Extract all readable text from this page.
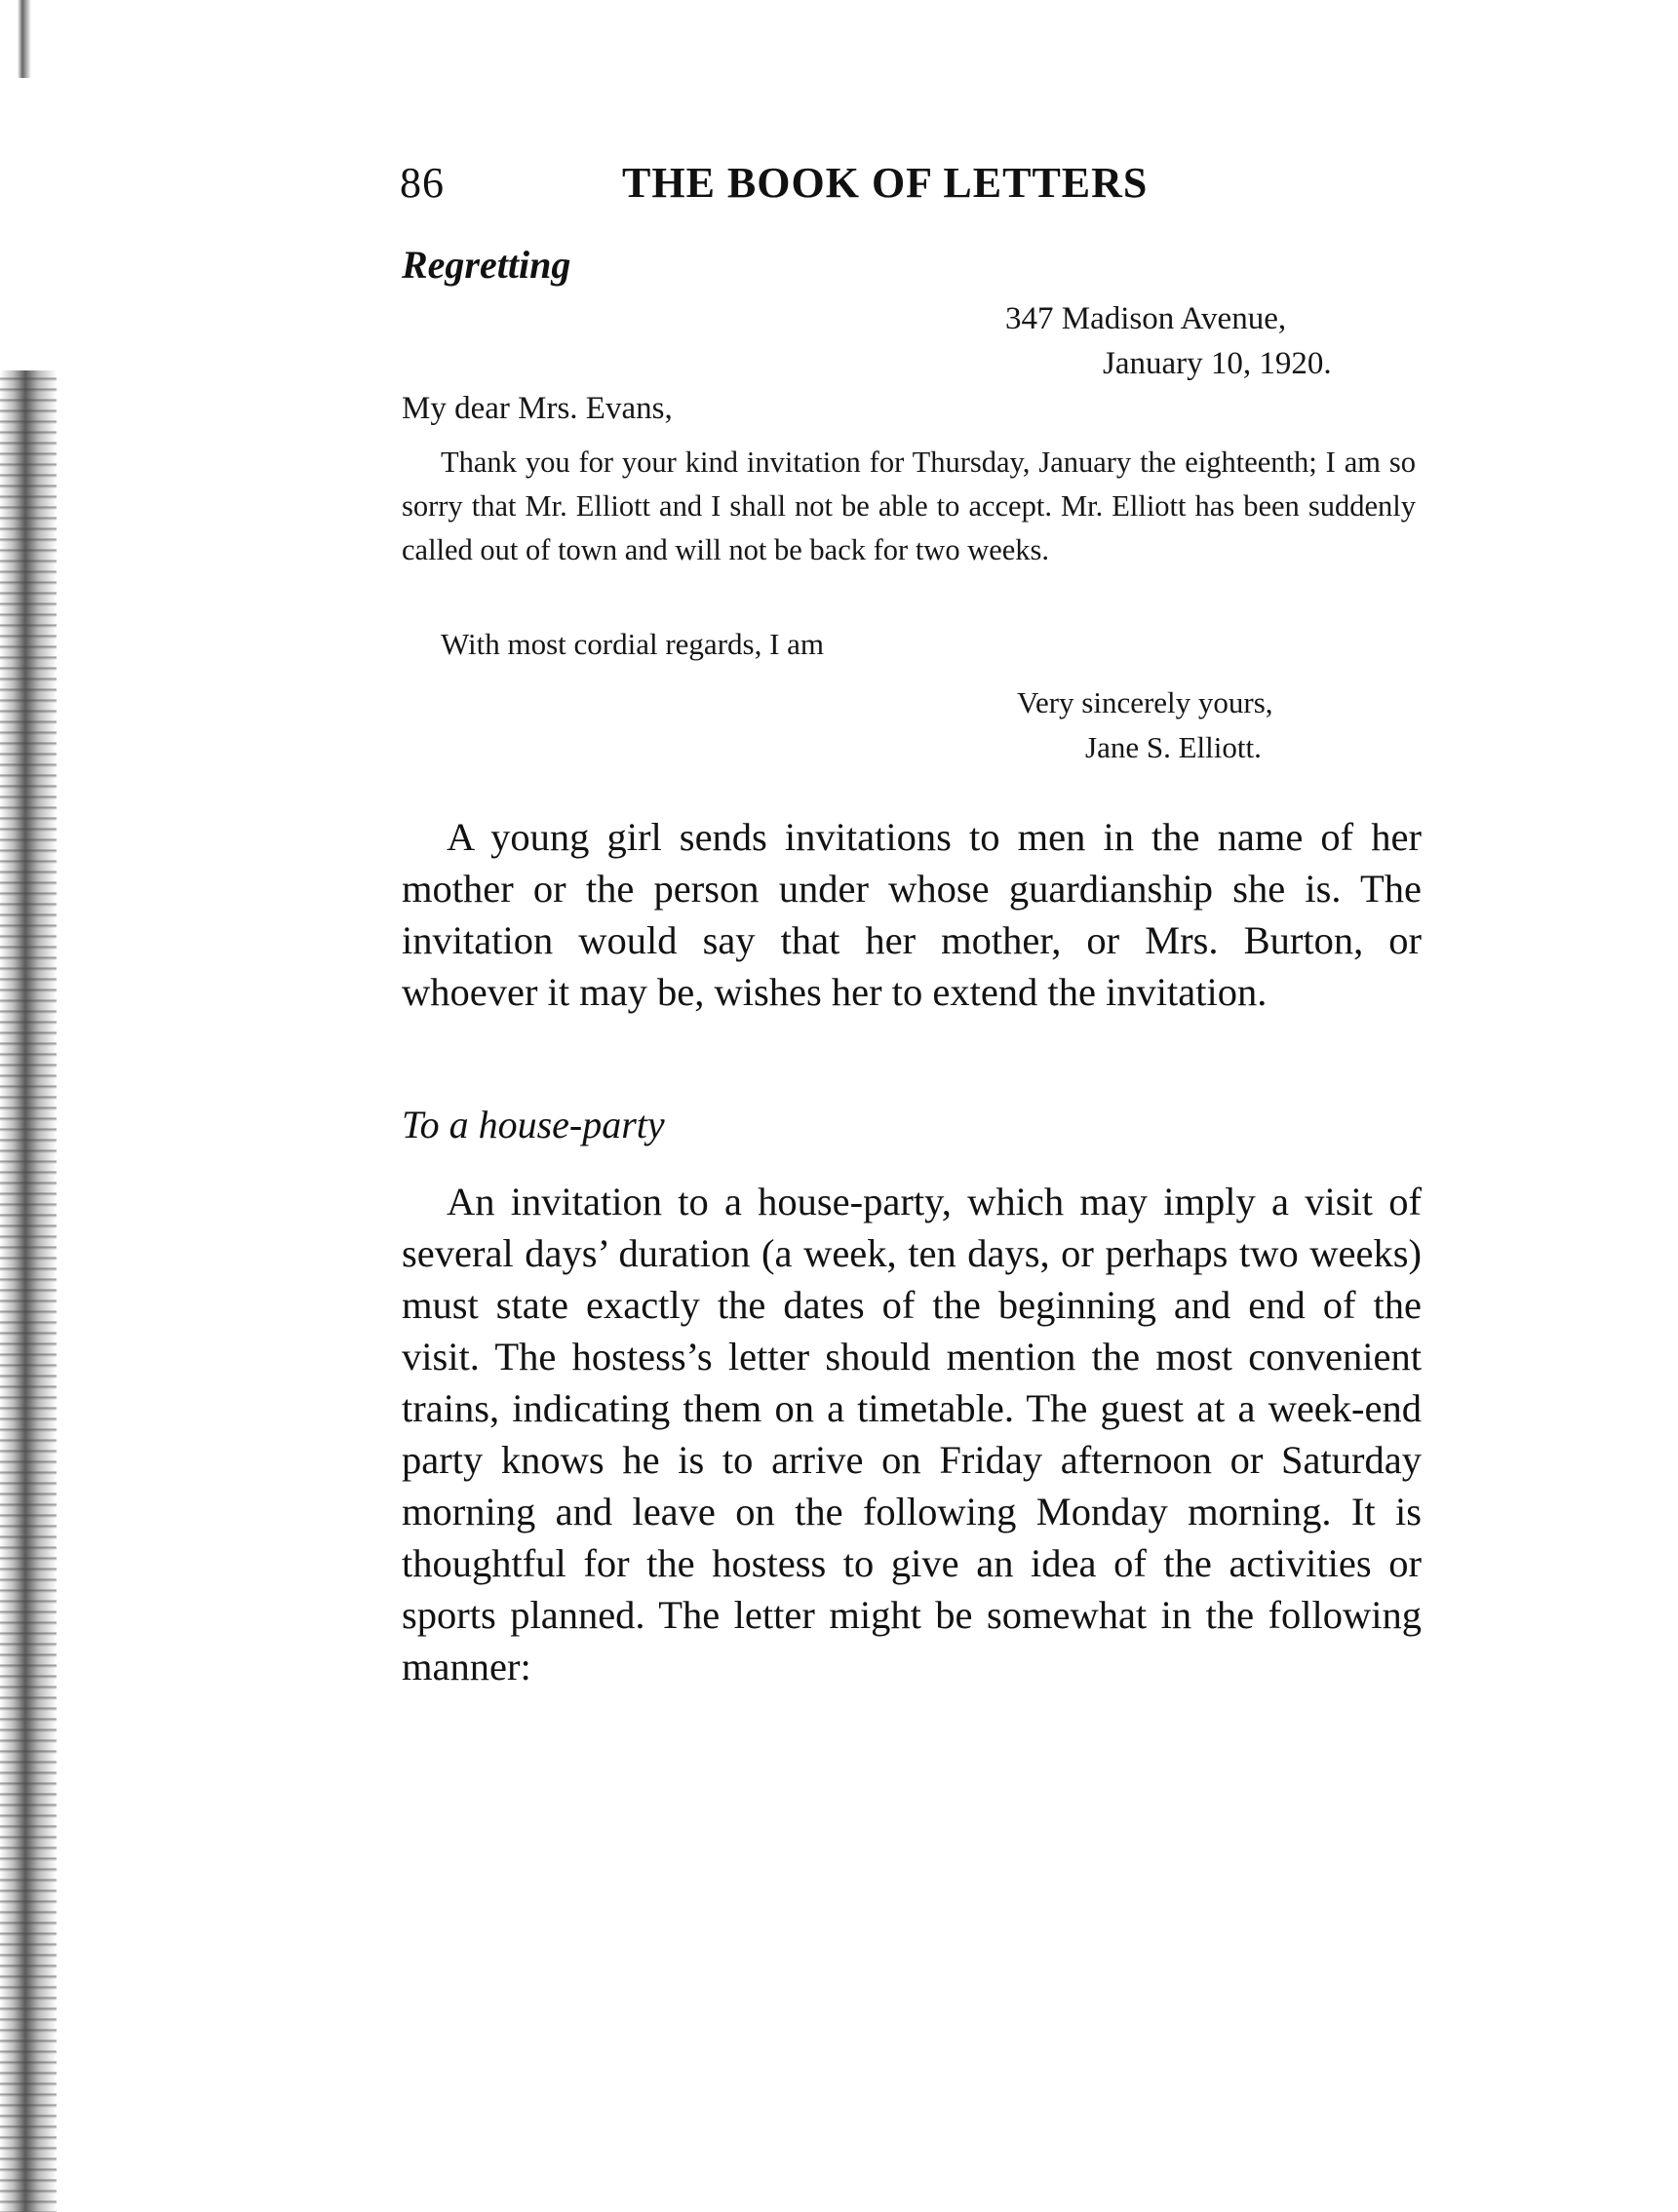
86	THE BOOK OF LETTERS
Regretting
347 Madison Avenue,
January 10, 1920.
My dear Mrs. Evans,

Thank you for your kind invitation for Thursday, January the eighteenth; I am so sorry that Mr. Elliott and I shall not be able to accept. Mr. Elliott has been suddenly called out of town and will not be back for two weeks.

With most cordial regards, I am
Very sincerely yours,
Jane S. Elliott.

A young girl sends invitations to men in the name of her mother or the person under whose guardianship she is. The invitation would say that her mother, or Mrs. Burton, or whoever it may be, wishes her to extend the invitation.

To a house-party

An invitation to a house-party, which may imply a visit of several days’ duration (a week, ten days, or perhaps two weeks) must state exactly the dates of the beginning and end of the visit. The hostess’s letter should mention the most convenient trains, indicating them on a timetable. The guest at a week-end party knows he is to arrive on Friday afternoon or Saturday morning and leave on the following Monday morning. It is thoughtful for the hostess to give an idea of the activities or sports planned. The letter might be somewhat in the following manner:
